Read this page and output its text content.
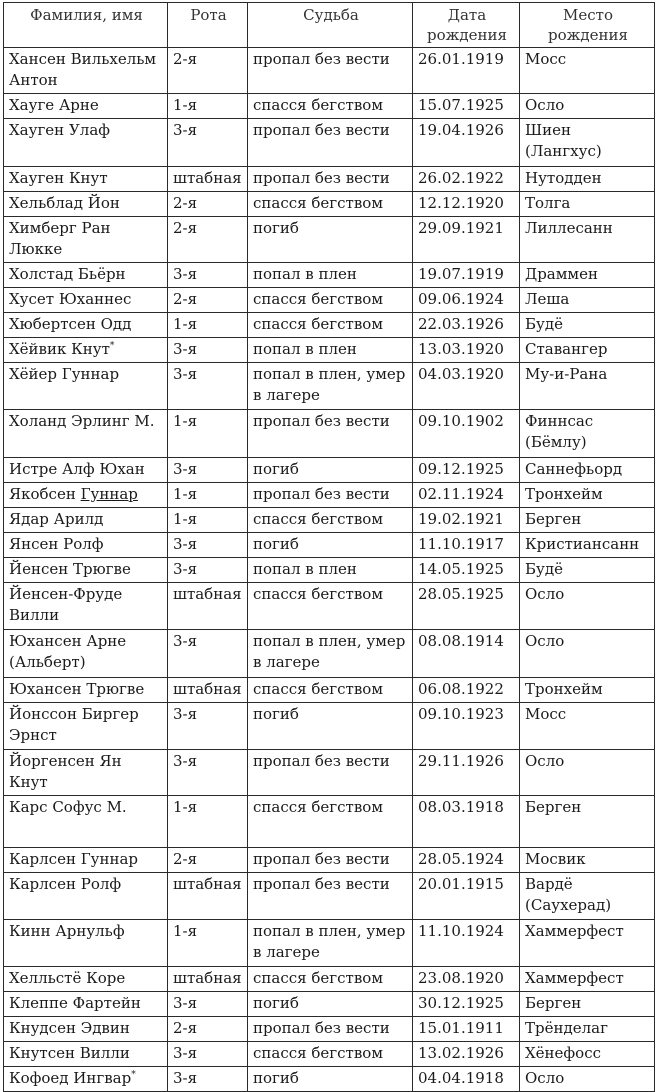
Фамилия, имя	Рота	Судьба	Дата рождения	Место рождения
Хансен Вильхельм Антон	2-я	пропал без вести	26.01.1919	Мосс
Хауге Арне	1-я	спасся бегством	15.07.1925	Осло
Хауген Улаф	3-я	пропал без вести	19.04.1926	Шиен (Лангхус)
Хауген Кнут	штабная	пропал без вести	26.02.1922	Нутодден
Хельблад Йон	2-я	спасся бегством	12.12.1920	Толга
Химберг Ран Люкке	2-я	погиб	29.09.1921	Лиллесанн
Холстад Бьёрн	3-я	попал в плен	19.07.1919	Драммен
Хусет Юханнес	2-я	спасся бегством	09.06.1924	Леша
Хюбертсен Одд	1-я	спасся бегством	22.03.1926	Будё
Хёйвик Кнут*	3-я	попал в плен	13.03.1920	Ставангер
Хёйер Гуннар	3-я	попал в плен, умер в лагере	04.03.1920	Му-и-Рана
Холанд Эрлинг М.	1-я	пропал без вести	09.10.1902	Финнсас (Бёмлу)
Истре Алф Юхан	3-я	погиб	09.12.1925	Саннефьорд
Якобсен Гуннар	1-я	пропал без вести	02.11.1924	Тронхейм
Ядар Арилд	1-я	спасся бегством	19.02.1921	Берген
Янсен Ролф	3-я	погиб	11.10.1917	Кристиансанн
Йенсен Трюгве	3-я	попал в плен	14.05.1925	Будё
Йенсен-Фруде Вилли	штабная	спасся бегством	28.05.1925	Осло
Юхансен Арне (Альберт)	3-я	попал в плен, умер в лагере	08.08.1914	Осло
Юхансен Трюгве	штабная	спасся бегством	06.08.1922	Тронхейм
Йонссон Биргер Эрнст	3-я	погиб	09.10.1923	Мосс
Йоргенсен Ян Кнут	3-я	пропал без вести	29.11.1926	Осло
Карс Софус М.	1-я	спасся бегством	08.03.1918	Берген
Карлсен Гуннар	2-я	пропал без вести	28.05.1924	Мосвик
Карлсен Ролф	штабная	пропал без вести	20.01.1915	Вардё (Саухерад)
Кинн Арнульф	1-я	попал в плен, умер в лагере	11.10.1924	Хаммерфест
Хелльстё Коре	штабная	спасся бегством	23.08.1920	Хаммерфест
Клеппе Фартейн	3-я	погиб	30.12.1925	Берген
Кнудсен Эдвин	2-я	пропал без вести	15.01.1911	Трёнделаг
Кнутсен Вилли	3-я	спасся бегством	13.02.1926	Хёнефосс
Кофоед Ингвар*	3-я	погиб	04.04.1918	Осло
